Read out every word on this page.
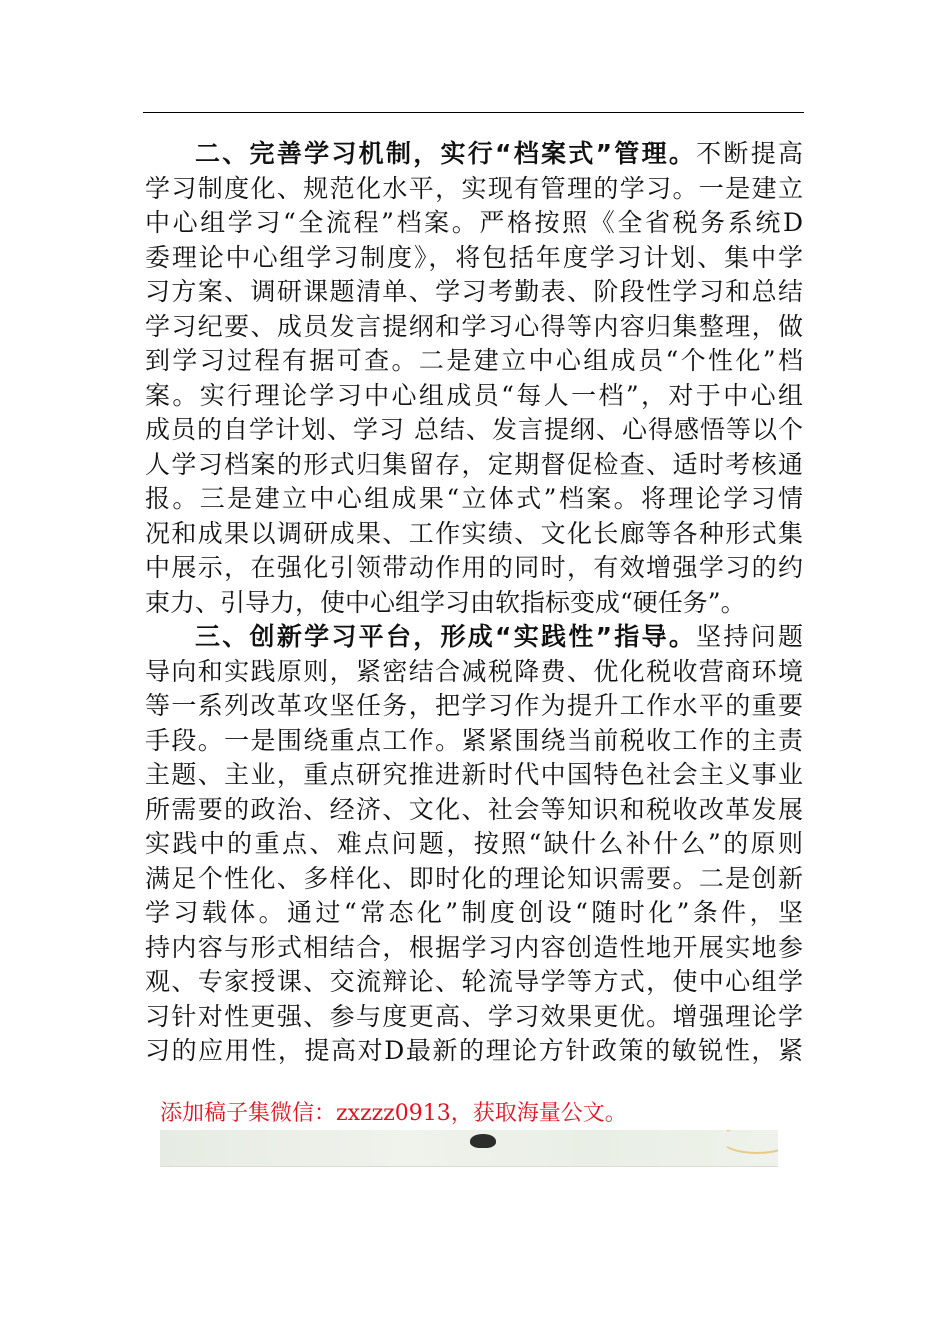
二、完善学习机制，实行“档案式”管理。不断提高
学习制度化、规范化水平，实现有管理的学习。一是建立
中心组学习“全流程”档案。严格按照《全省税务系统D
委理论中心组学习制度》，将包括年度学习计划、集中学
习方案、调研课题清单、学习考勤表、阶段性学习和总结
学习纪要、成员发言提纲和学习心得等内容归集整理，做
到学习过程有据可查。二是建立中心组成员“个性化”档
案。实行理论学习中心组成员“每人一档”，对于中心组
成员的自学计划、学习 总结、发言提纲、心得感悟等以个
人学习档案的形式归集留存，定期督促检查、适时考核通
报。三是建立中心组成果“立体式”档案。将理论学习情
况和成果以调研成果、工作实绩、文化长廊等各种形式集
中展示，在强化引领带动作用的同时，有效增强学习的约
束力、引导力，使中心组学习由软指标变成“硬任务”。
三、创新学习平台，形成“实践性”指导。坚持问题
导向和实践原则，紧密结合减税降费、优化税收营商环境
等一系列改革攻坚任务，把学习作为提升工作水平的重要
手段。一是围绕重点工作。紧紧围绕当前税收工作的主责
主题、主业，重点研究推进新时代中国特色社会主义事业
所需要的政治、经济、文化、社会等知识和税收改革发展
实践中的重点、难点问题，按照“缺什么补什么”的原则
满足个性化、多样化、即时化的理论知识需要。二是创新
学习载体。通过“常态化”制度创设“随时化”条件，坚
持内容与形式相结合，根据学习内容创造性地开展实地参
观、专家授课、交流辩论、轮流导学等方式，使中心组学
习针对性更强、参与度更高、学习效果更优。增强理论学
习的应用性，提高对D最新的理论方针政策的敏锐性，紧
添加稿子集微信：zxzzz0913，获取海量公文。
